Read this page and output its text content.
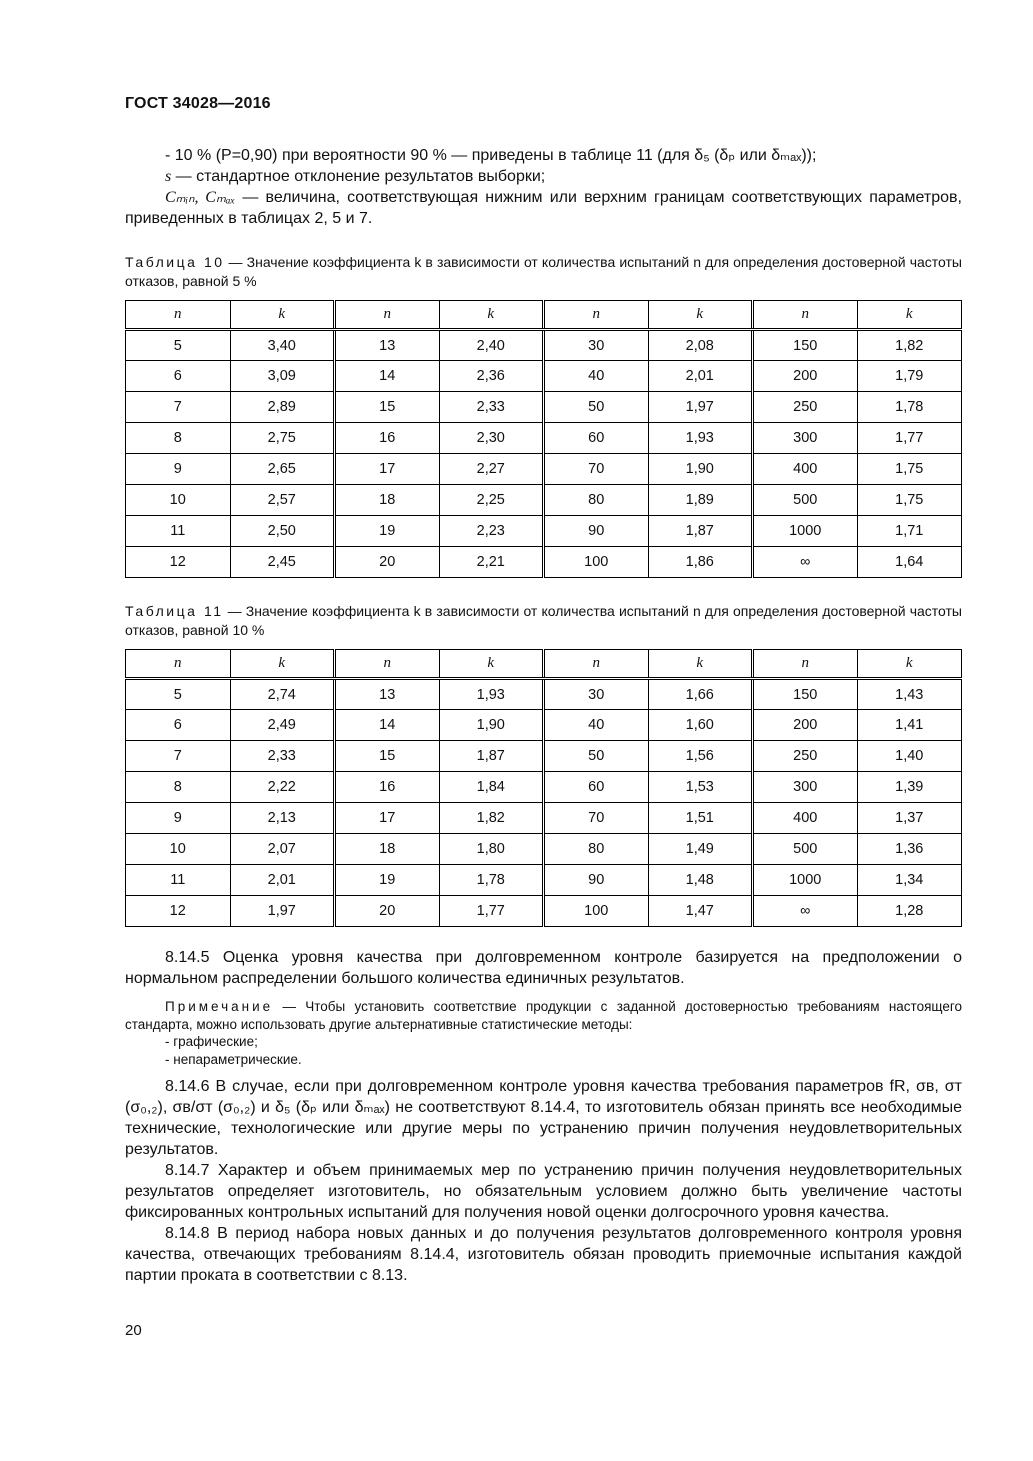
ГОСТ 34028—2016

- 10 % (P=0,90) при вероятности 90 % — приведены в таблице 11 (для δ₅ (δₚ или δₘₐₓ));

s — стандартное отклонение результатов выборки;

Cₘᵢₙ, Cₘₐₓ — величина, соответствующая нижним или верхним границам соответствующих параметров, приведенных в таблицах 2, 5 и 7.

Таблица 10 — Значение коэффициента k в зависимости от количества испытаний n для определения достоверной частоты отказов, равной 5 %

n	k	n	k	n	k	n	k
5	3,40	13	2,40	30	2,08	150	1,82
6	3,09	14	2,36	40	2,01	200	1,79
7	2,89	15	2,33	50	1,97	250	1,78
8	2,75	16	2,30	60	1,93	300	1,77
9	2,65	17	2,27	70	1,90	400	1,75
10	2,57	18	2,25	80	1,89	500	1,75
11	2,50	19	2,23	90	1,87	1000	1,71
12	2,45	20	2,21	100	1,86	∞	1,64

Таблица 11 — Значение коэффициента k в зависимости от количества испытаний n для определения достоверной частоты отказов, равной 10 %

n	k	n	k	n	k	n	k
5	2,74	13	1,93	30	1,66	150	1,43
6	2,49	14	1,90	40	1,60	200	1,41
7	2,33	15	1,87	50	1,56	250	1,40
8	2,22	16	1,84	60	1,53	300	1,39
9	2,13	17	1,82	70	1,51	400	1,37
10	2,07	18	1,80	80	1,49	500	1,36
11	2,01	19	1,78	90	1,48	1000	1,34
12	1,97	20	1,77	100	1,47	∞	1,28

8.14.5 Оценка уровня качества при долговременном контроле базируется на предположении о нормальном распределении большого количества единичных результатов.

Примечание — Чтобы установить соответствие продукции с заданной достоверностью требованиям настоящего стандарта, можно использовать другие альтернативные статистические методы:

- графические;

- непараметрические.

8.14.6 В случае, если при долговременном контроле уровня качества требования параметров fR, σв, σт (σ₀,₂), σв/σт (σ₀,₂) и δ₅ (δₚ или δₘₐₓ) не соответствуют 8.14.4, то изготовитель обязан принять все необходимые технические, технологические или другие меры по устранению причин получения неудовлетворительных результатов.

8.14.7 Характер и объем принимаемых мер по устранению причин получения неудовлетворительных результатов определяет изготовитель, но обязательным условием должно быть увеличение частоты фиксированных контрольных испытаний для получения новой оценки долгосрочного уровня качества.

8.14.8 В период набора новых данных и до получения результатов долговременного контроля уровня качества, отвечающих требованиям 8.14.4, изготовитель обязан проводить приемочные испытания каждой партии проката в соответствии с 8.13.

20
